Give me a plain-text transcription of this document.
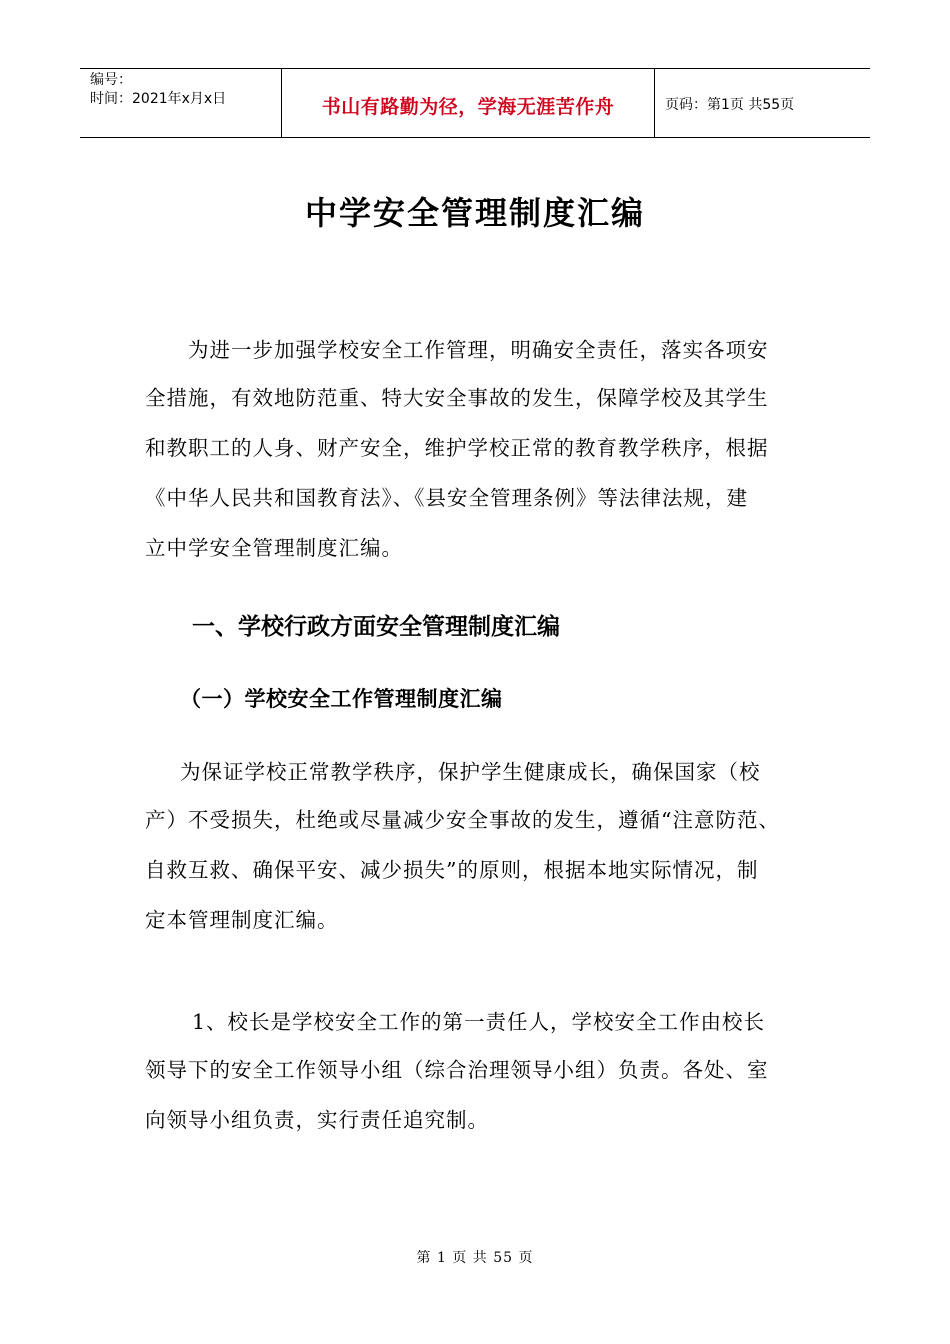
编号：
时间：2021年x月x日	书山有路勤为径，学海无涯苦作舟	页码：第1页 共55页
中学安全管理制度汇编
为进一步加强学校安全工作管理，明确安全责任，落实各项安
全措施，有效地防范重、特大安全事故的发生，保障学校及其学生
和教职工的人身、财产安全，维护学校正常的教育教学秩序，根据
《中华人民共和国教育法》、《县安全管理条例》等法律法规，建
立中学安全管理制度汇编。
一、学校行政方面安全管理制度汇编
（一）学校安全工作管理制度汇编
为保证学校正常教学秩序，保护学生健康成长，确保国家（校
产）不受损失，杜绝或尽量减少安全事故的发生，遵循“注意防范、
自救互救、确保平安、减少损失”的原则，根据本地实际情况，制
定本管理制度汇编。
1、校长是学校安全工作的第一责任人，学校安全工作由校长
领导下的安全工作领导小组（综合治理领导小组）负责。各处、室
向领导小组负责，实行责任追究制。
第 1 页 共 55 页
